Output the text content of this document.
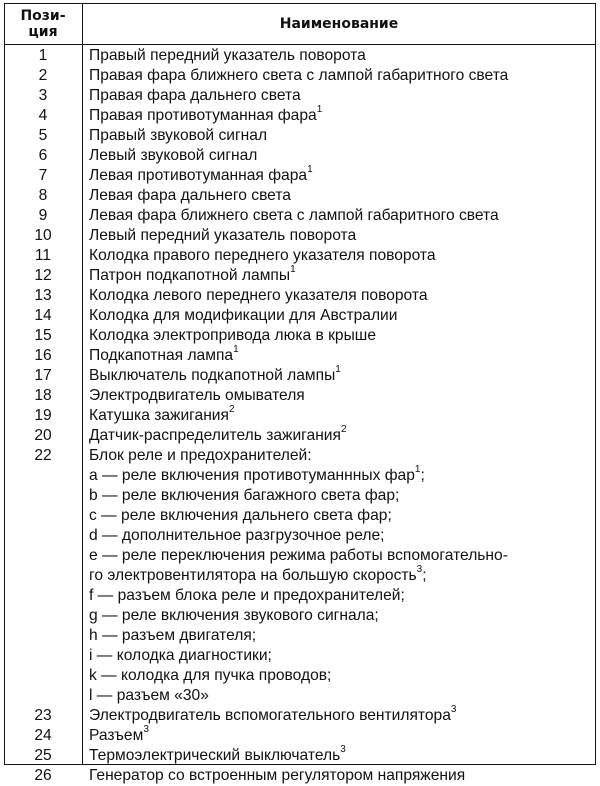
Пози-
ция	Наименование
1	Правый передний указатель поворота
2	Правая фара ближнего света с лампой габаритного света
3	Правая фара дальнего света
4	Правая противотуманная фара$^1$
5	Правый звуковой сигнал
6	Левый звуковой сигнал
7	Левая противотуманная фара$^1$
8	Левая фара дальнего света
9	Левая фара ближнего света с лампой габаритного света
10	Левый передний указатель поворота
11	Колодка правого переднего указателя поворота
12	Патрон подкапотной лампы$^1$
13	Колодка левого переднего указателя поворота
14	Колодка для модификации для Австралии
15	Колодка электропривода люка в крыше
16	Подкапотная лампа$^1$
17	Выключатель подкапотной лампы$^1$
18	Электродвигатель омывателя
19	Катушка зажигания$^2$
20	Датчик-распределитель зажигания$^2$
22	Блок реле и предохранителей:
a — реле включения противотуманнных фар$^1$;
b — реле включения багажного света фар;
c — реле включения дальнего света фар;
d — дополнительное разгрузочное реле;
e — реле переключения режима работы вспомогательно-
го электровентилятора на большую скорость$^3$;
f — разъем блока реле и предохранителей;
g — реле включения звукового сигнала;
h — разъем двигателя;
i — колодка диагностики;
k — колодка для пучка проводов;
l — разъем «30»
23	Электродвигатель вспомогательного вентилятора$^3$
24	Разъем$^3$
25	Термоэлектрический выключатель$^3$
26	Генератор со встроенным регулятором напряжения
